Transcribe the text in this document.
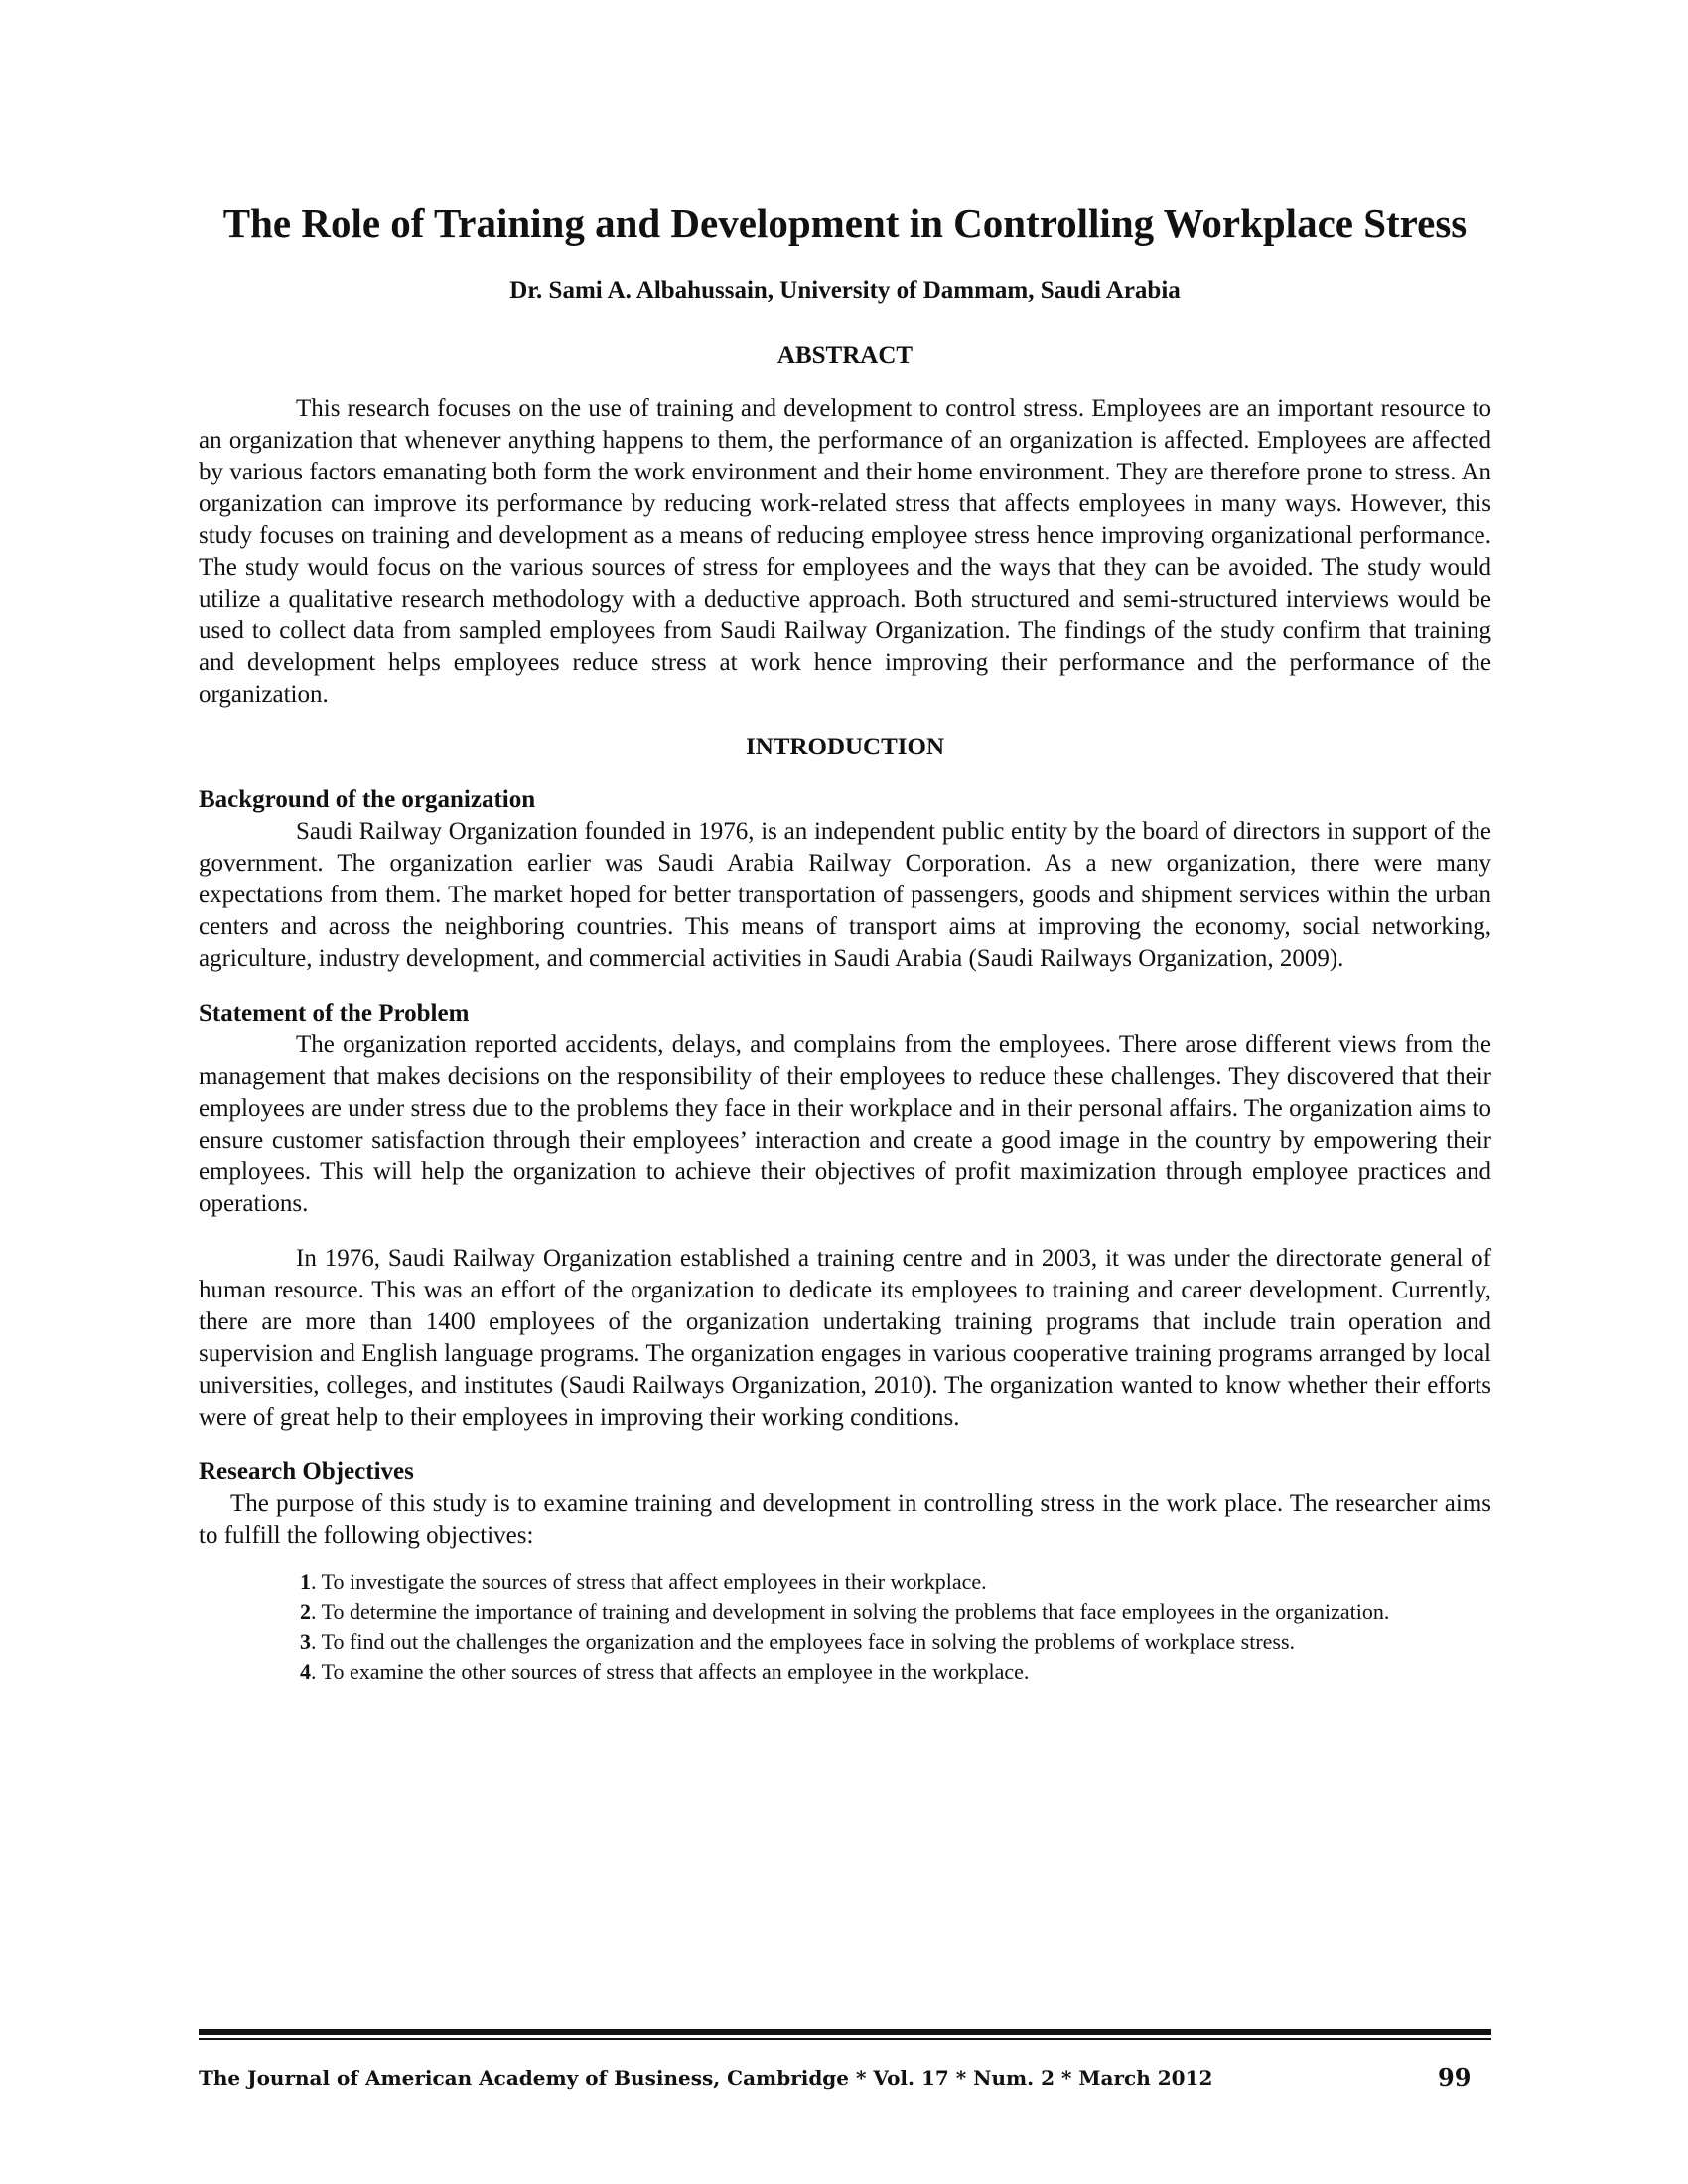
The Role of Training and Development in Controlling Workplace Stress

Dr. Sami A. Albahussain, University of Dammam, Saudi Arabia

ABSTRACT

This research focuses on the use of training and development to control stress. Employees are an important resource to an organization that whenever anything happens to them, the performance of an organization is affected. Employees are affected by various factors emanating both form the work environment and their home environment. They are therefore prone to stress. An organization can improve its performance by reducing work-related stress that affects employees in many ways. However, this study focuses on training and development as a means of reducing employee stress hence improving organizational performance. The study would focus on the various sources of stress for employees and the ways that they can be avoided. The study would utilize a qualitative research methodology with a deductive approach. Both structured and semi-structured interviews would be used to collect data from sampled employees from Saudi Railway Organization. The findings of the study confirm that training and development helps employees reduce stress at work hence improving their performance and the performance of the organization.

INTRODUCTION

Background of the organization

Saudi Railway Organization founded in 1976, is an independent public entity by the board of directors in support of the government. The organization earlier was Saudi Arabia Railway Corporation. As a new organization, there were many expectations from them. The market hoped for better transportation of passengers, goods and shipment services within the urban centers and across the neighboring countries. This means of transport aims at improving the economy, social networking, agriculture, industry development, and commercial activities in Saudi Arabia (Saudi Railways Organization, 2009).

Statement of the Problem

The organization reported accidents, delays, and complains from the employees. There arose different views from the management that makes decisions on the responsibility of their employees to reduce these challenges. They discovered that their employees are under stress due to the problems they face in their workplace and in their personal affairs. The organization aims to ensure customer satisfaction through their employees’ interaction and create a good image in the country by empowering their employees. This will help the organization to achieve their objectives of profit maximization through employee practices and operations.

In 1976, Saudi Railway Organization established a training centre and in 2003, it was under the directorate general of human resource. This was an effort of the organization to dedicate its employees to training and career development. Currently, there are more than 1400 employees of the organization undertaking training programs that include train operation and supervision and English language programs. The organization engages in various cooperative training programs arranged by local universities, colleges, and institutes (Saudi Railways Organization, 2010). The organization wanted to know whether their efforts were of great help to their employees in improving their working conditions.

Research Objectives

The purpose of this study is to examine training and development in controlling stress in the work place. The researcher aims to fulfill the following objectives:

1. To investigate the sources of stress that affect employees in their workplace.
2. To determine the importance of training and development in solving the problems that face employees in the organization.
3. To find out the challenges the organization and the employees face in solving the problems of workplace stress.
4. To examine the other sources of stress that affects an employee in the workplace.
The Journal of American Academy of Business, Cambridge * Vol. 17 * Num. 2 * March 2012	99
